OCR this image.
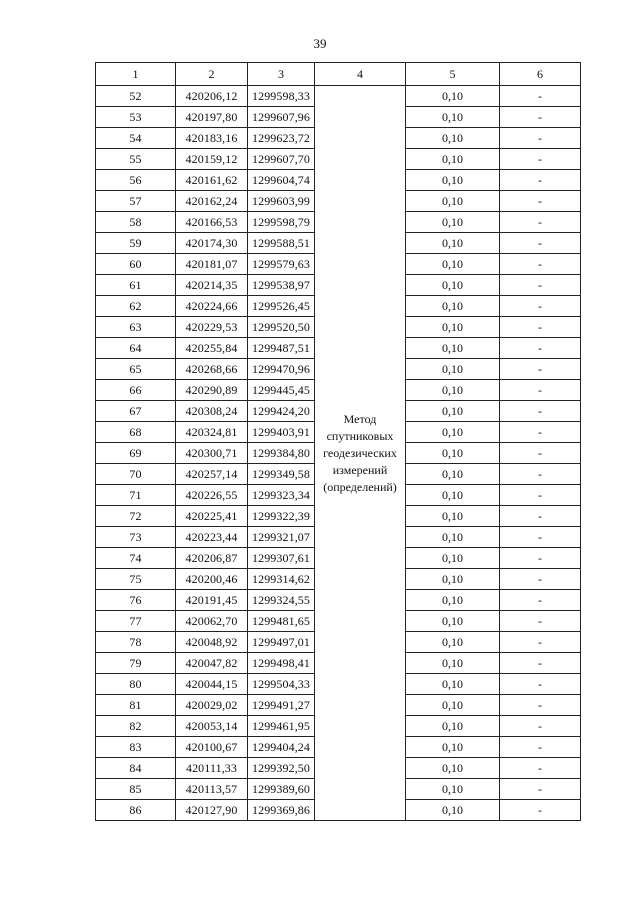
39
1	2	3	4	5	6
52	420206,12	1299598,33	Метод спутниковых геодезических измерений (определений)	0,10	-
53	420197,80	1299607,96		0,10	-
54	420183,16	1299623,72		0,10	-
55	420159,12	1299607,70		0,10	-
56	420161,62	1299604,74		0,10	-
57	420162,24	1299603,99		0,10	-
58	420166,53	1299598,79		0,10	-
59	420174,30	1299588,51		0,10	-
60	420181,07	1299579,63		0,10	-
61	420214,35	1299538,97		0,10	-
62	420224,66	1299526,45		0,10	-
63	420229,53	1299520,50		0,10	-
64	420255,84	1299487,51		0,10	-
65	420268,66	1299470,96		0,10	-
66	420290,89	1299445,45		0,10	-
67	420308,24	1299424,20		0,10	-
68	420324,81	1299403,91		0,10	-
69	420300,71	1299384,80		0,10	-
70	420257,14	1299349,58		0,10	-
71	420226,55	1299323,34		0,10	-
72	420225,41	1299322,39		0,10	-
73	420223,44	1299321,07		0,10	-
74	420206,87	1299307,61		0,10	-
75	420200,46	1299314,62		0,10	-
76	420191,45	1299324,55		0,10	-
77	420062,70	1299481,65		0,10	-
78	420048,92	1299497,01		0,10	-
79	420047,82	1299498,41		0,10	-
80	420044,15	1299504,33		0,10	-
81	420029,02	1299491,27		0,10	-
82	420053,14	1299461,95		0,10	-
83	420100,67	1299404,24		0,10	-
84	420111,33	1299392,50		0,10	-
85	420113,57	1299389,60		0,10	-
86	420127,90	1299369,86		0,10	-
